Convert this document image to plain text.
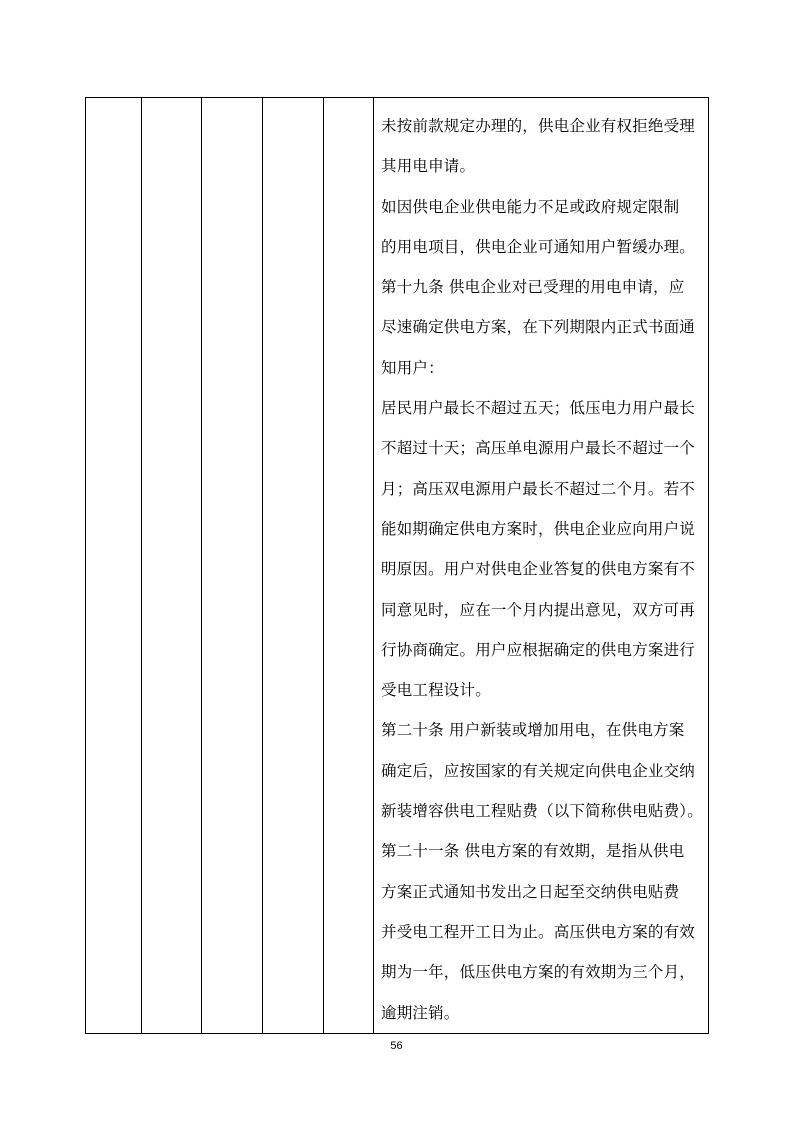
未按前款规定办理的，供电企业有权拒绝受理
其用电申请。
如因供电企业供电能力不足或政府规定限制
的用电项目，供电企业可通知用户暂缓办理。
第十九条 供电企业对已受理的用电申请，应
尽速确定供电方案，在下列期限内正式书面通
知用户：
居民用户最长不超过五天；低压电力用户最长
不超过十天；高压单电源用户最长不超过一个
月；高压双电源用户最长不超过二个月。若不
能如期确定供电方案时，供电企业应向用户说
明原因。用户对供电企业答复的供电方案有不
同意见时，应在一个月内提出意见，双方可再
行协商确定。用户应根据确定的供电方案进行
受电工程设计。
第二十条 用户新装或增加用电，在供电方案
确定后，应按国家的有关规定向供电企业交纳
新装增容供电工程贴费（以下简称供电贴费）。
第二十一条 供电方案的有效期，是指从供电
方案正式通知书发出之日起至交纳供电贴费
并受电工程开工日为止。高压供电方案的有效
期为一年，低压供电方案的有效期为三个月，
逾期注销。
56
